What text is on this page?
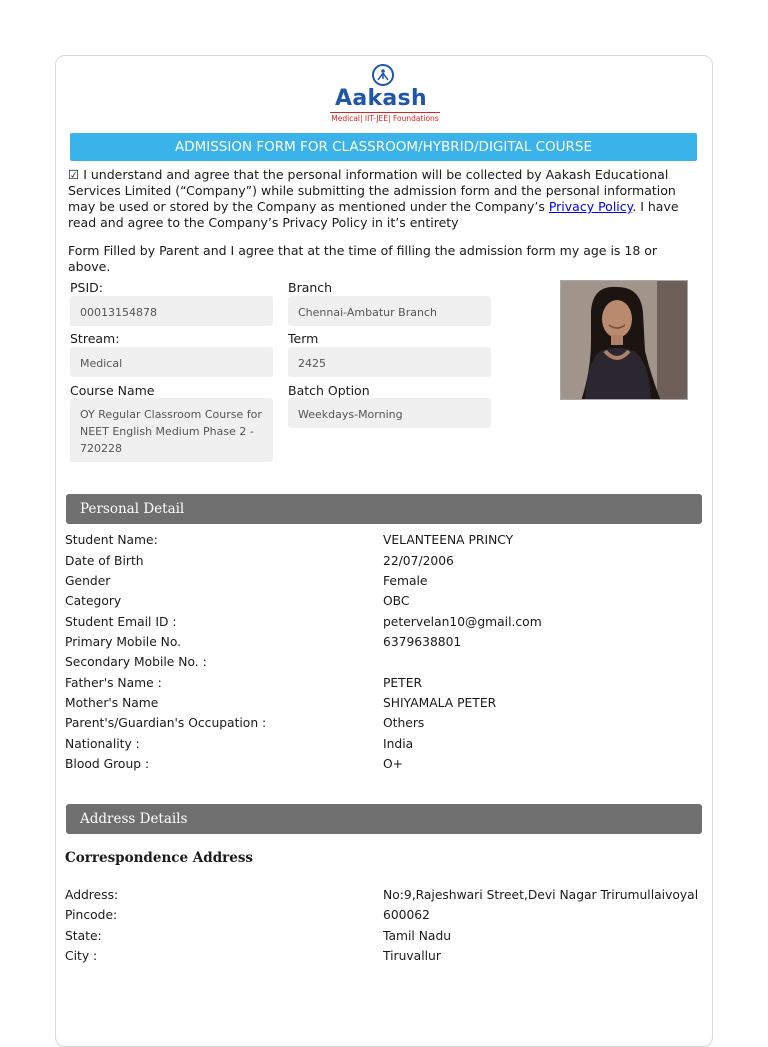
Aakash
Medical| IIT-JEE| Foundations
ADMISSION FORM FOR CLASSROOM/HYBRID/DIGITAL COURSE
☑ I understand and agree that the personal information will be collected by Aakash Educational Services Limited (“Company”) while submitting the admission form and the personal information may be used or stored by the Company as mentioned under the Company’s Privacy Policy. I have read and agree to the Company’s Privacy Policy in it’s entirety
Form Filled by Parent and I agree that at the time of filling the admission form my age is 18 or above.
PSID:
00013154878
Branch
Chennai-Ambatur Branch
Stream:
Medical
Term
2425
Course Name
OY Regular Classroom Course for NEET English Medium Phase 2 - 720228
Batch Option
Weekdays-Morning
Personal Detail
Student Name:	VELANTEENA PRINCY
Date of Birth	22/07/2006
Gender	Female
Category	OBC
Student Email ID :	petervelan10@gmail.com
Primary Mobile No.	6379638801
Secondary Mobile No. :
Father's Name :	PETER
Mother's Name	SHIYAMALA PETER
Parent's/Guardian's Occupation :	Others
Nationality :	India
Blood Group :	O+
Address Details
Correspondence Address
Address:	No:9,Rajeshwari Street,Devi Nagar Trirumullaivoyal
Pincode:	600062
State:	Tamil Nadu
City :	Tiruvallur
